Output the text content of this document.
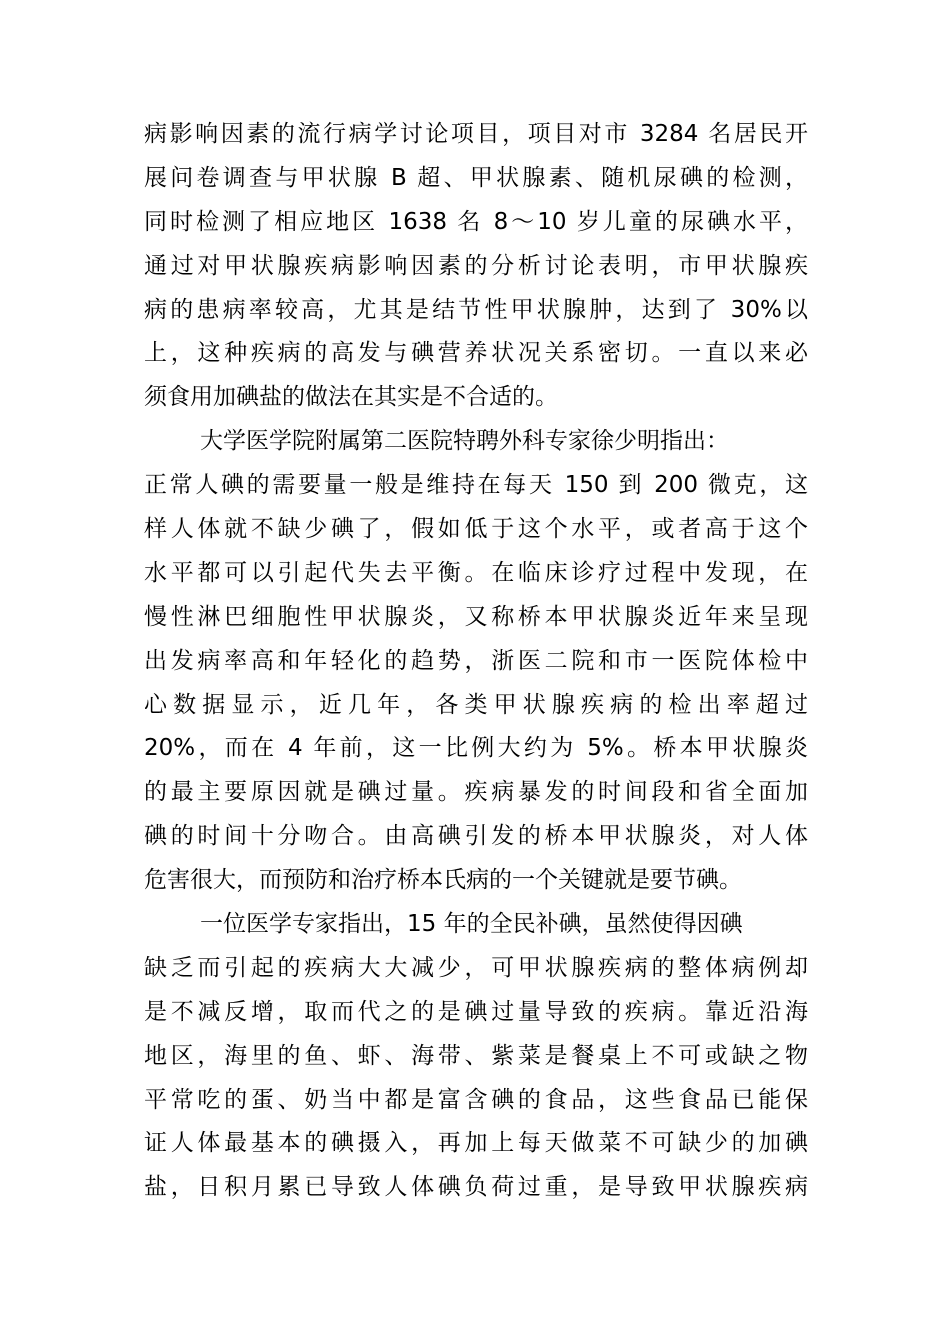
病影响因素的流行病学讨论项目，项目对市 3284 名居民开
展问卷调查与甲状腺 B 超、甲状腺素、随机尿碘的检测，
同时检测了相应地区 1638 名 8～10 岁儿童的尿碘水平，
通过对甲状腺疾病影响因素的分析讨论表明，市甲状腺疾
病的患病率较高，尤其是结节性甲状腺肿，达到了 30%以
上，这种疾病的高发与碘营养状况关系密切。一直以来必
须食用加碘盐的做法在其实是不合适的。
大学医学院附属第二医院特聘外科专家徐少明指出：
正常人碘的需要量一般是维持在每天 150 到 200 微克，这
样人体就不缺少碘了，假如低于这个水平，或者高于这个
水平都可以引起代失去平衡。在临床诊疗过程中发现，在
慢性淋巴细胞性甲状腺炎，又称桥本甲状腺炎近年来呈现
出发病率高和年轻化的趋势，浙医二院和市一医院体检中
心数据显示，近几年，各类甲状腺疾病的检出率超过
20%，而在 4 年前，这一比例大约为 5%。桥本甲状腺炎
的最主要原因就是碘过量。疾病暴发的时间段和省全面加
碘的时间十分吻合。由高碘引发的桥本甲状腺炎，对人体
危害很大，而预防和治疗桥本氏病的一个关键就是要节碘。
一位医学专家指出，15 年的全民补碘，虽然使得因碘
缺乏而引起的疾病大大减少，可甲状腺疾病的整体病例却
是不减反增，取而代之的是碘过量导致的疾病。靠近沿海
地区，海里的鱼、虾、海带、紫菜是餐桌上不可或缺之物
平常吃的蛋、奶当中都是富含碘的食品，这些食品已能保
证人体最基本的碘摄入，再加上每天做菜不可缺少的加碘
盐，日积月累已导致人体碘负荷过重，是导致甲状腺疾病
